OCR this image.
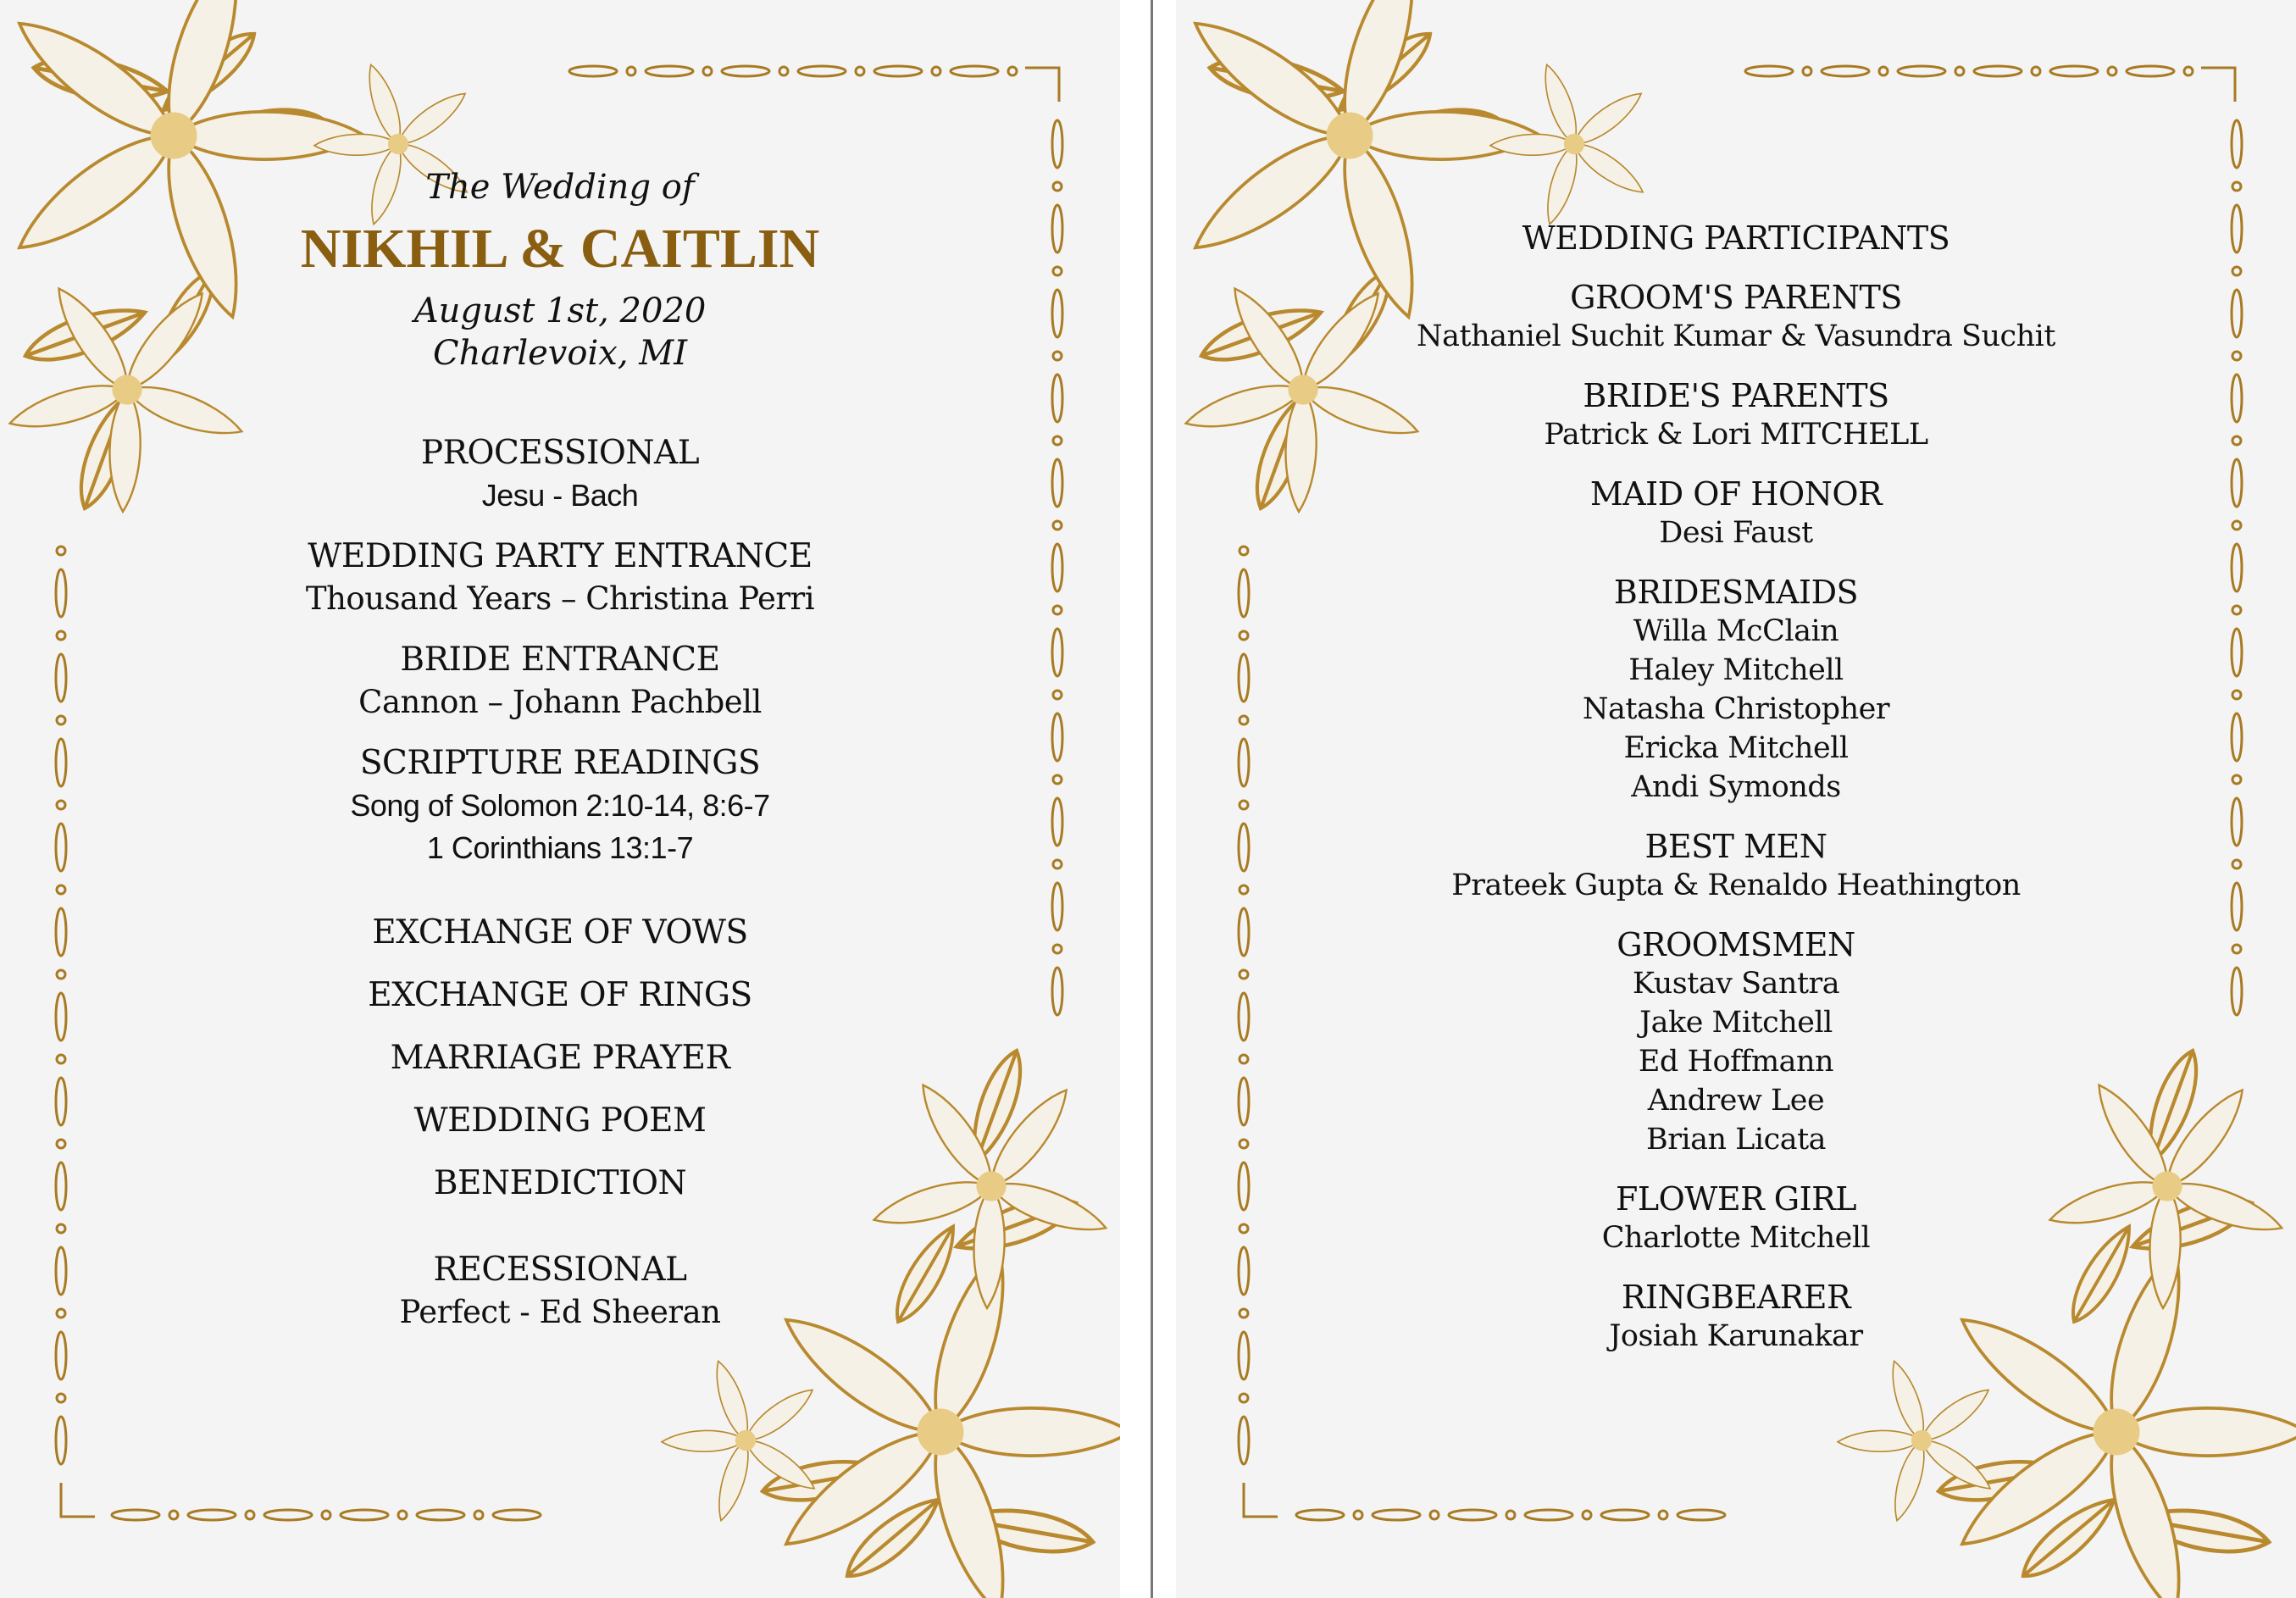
The Wedding of
NIKHIL & CAITLIN
August 1st, 2020
Charlevoix, MI
PROCESSIONAL
Jesu - Bach
WEDDING PARTY ENTRANCE
Thousand Years – Christina Perri
BRIDE ENTRANCE
Cannon – Johann Pachbell
SCRIPTURE READINGS
Song of Solomon 2:10-14, 8:6-7
1 Corinthians 13:1-7
EXCHANGE OF VOWS
EXCHANGE OF RINGS
MARRIAGE PRAYER
WEDDING POEM
BENEDICTION
RECESSIONAL
Perfect - Ed Sheeran
WEDDING PARTICIPANTS
GROOM'S PARENTS
Nathaniel Suchit Kumar & Vasundra Suchit
BRIDE'S PARENTS
Patrick & Lori MITCHELL
MAID OF HONOR
Desi Faust
BRIDESMAIDS
Willa McClain
Haley Mitchell
Natasha Christopher
Ericka Mitchell
Andi Symonds
BEST MEN
Prateek Gupta & Renaldo Heathington
GROOMSMEN
Kustav Santra
Jake Mitchell
Ed Hoffmann
Andrew Lee
Brian Licata
FLOWER GIRL
Charlotte Mitchell
RINGBEARER
Josiah Karunakar
